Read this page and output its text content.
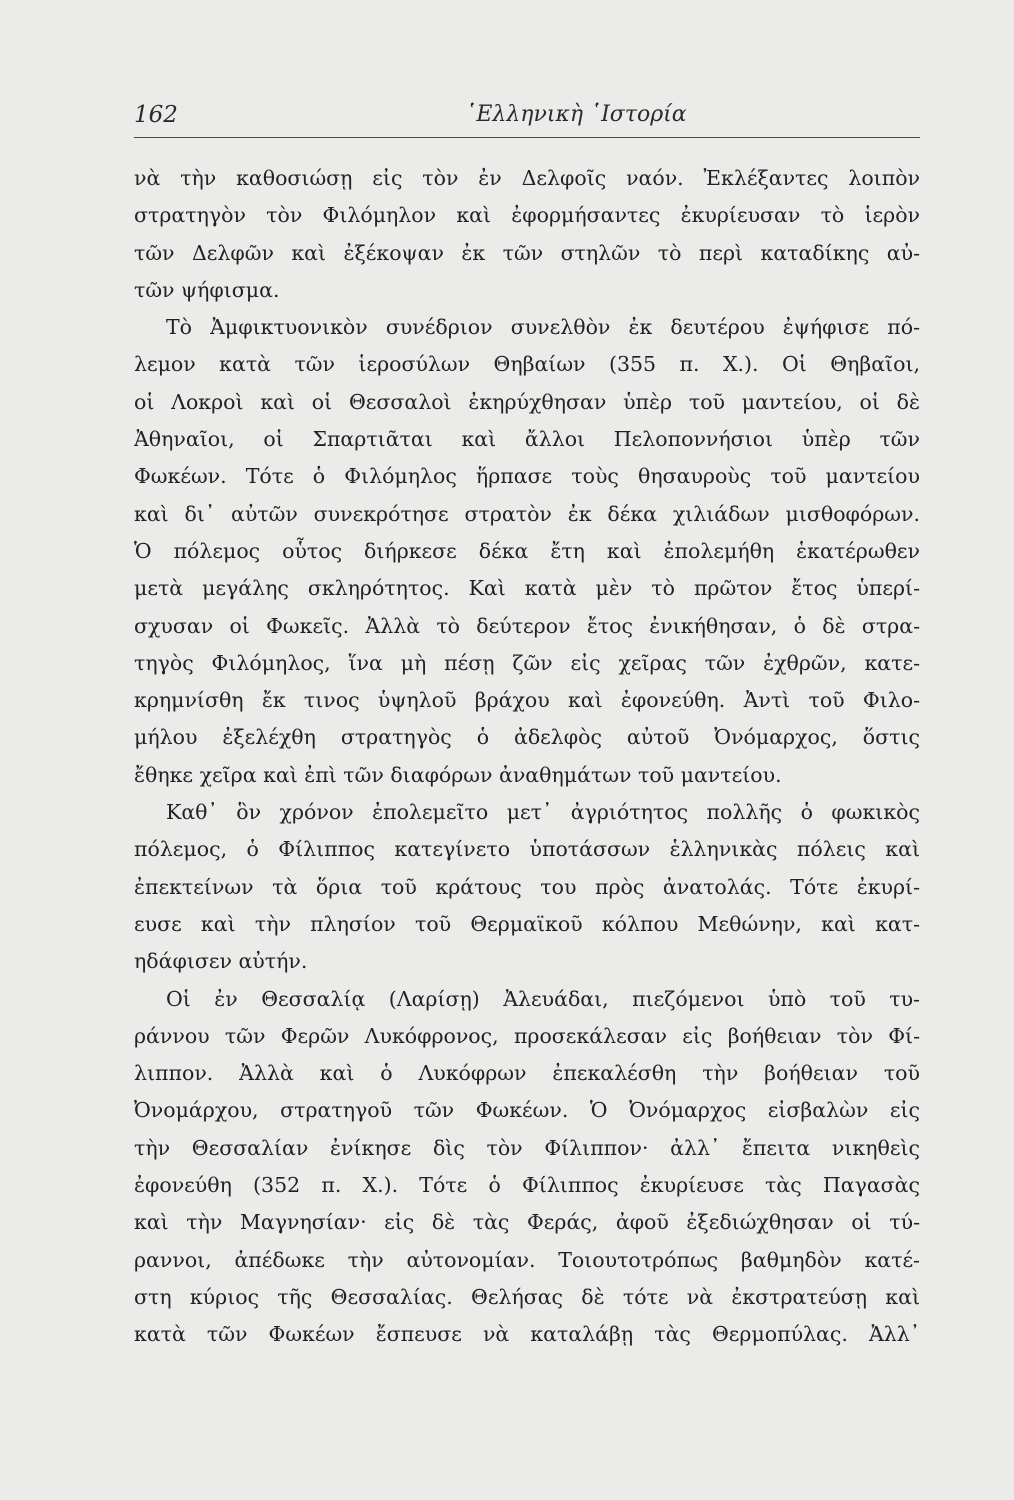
162	῾Ελληνικὴ ῾Ιστορία
νὰ τὴν καθοσιώσῃ εἰς τὸν ἐν Δελφοῖς ναόν. Ἐκλέξαντες λοιπὸν
στρατηγὸν τὸν Φιλόμηλον καὶ ἐφορμήσαντες ἐκυρίευσαν τὸ ἱερὸν
τῶν Δελφῶν καὶ ἐξέκοψαν ἐκ τῶν στηλῶν τὸ περὶ καταδίκης αὐ-
τῶν ψήφισμα.
Τὸ Ἀμφικτυονικὸν συνέδριον συνελθὸν ἐκ δευτέρου ἐψήφισε πό-
λεμον κατὰ τῶν ἱεροσύλων Θηβαίων (355 π. Χ.). Οἱ Θηβαῖοι,
οἱ Λοκροὶ καὶ οἱ Θεσσαλοὶ ἐκηρύχθησαν ὑπὲρ τοῦ μαντείου, οἱ δὲ
Ἀθηναῖοι, οἱ Σπαρτιᾶται καὶ ἄλλοι Πελοποννήσιοι ὑπὲρ τῶν
Φωκέων. Τότε ὁ Φιλόμηλος ἥρπασε τοὺς θησαυροὺς τοῦ μαντείου
καὶ δι᾽ αὐτῶν συνεκρότησε στρατὸν ἐκ δέκα χιλιάδων μισθοφόρων.
Ὁ πόλεμος οὗτος διήρκεσε δέκα ἔτη καὶ ἐπολεμήθη ἑκατέρωθεν
μετὰ μεγάλης σκληρότητος. Καὶ κατὰ μὲν τὸ πρῶτον ἔτος ὑπερί-
σχυσαν οἱ Φωκεῖς. Ἀλλὰ τὸ δεύτερον ἔτος ἐνικήθησαν, ὁ δὲ στρα-
τηγὸς Φιλόμηλος, ἵνα μὴ πέσῃ ζῶν εἰς χεῖρας τῶν ἐχθρῶν, κατε-
κρημνίσθη ἔκ τινος ὑψηλοῦ βράχου καὶ ἐφονεύθη. Ἀντὶ τοῦ Φιλο-
μήλου ἐξελέχθη στρατηγὸς ὁ ἀδελφὸς αὐτοῦ Ὀνόμαρχος, ὅστις
ἔθηκε χεῖρα καὶ ἐπὶ τῶν διαφόρων ἀναθημάτων τοῦ μαντείου.
Καθ᾽ ὃν χρόνον ἐπολεμεῖτο μετ᾽ ἀγριότητος πολλῆς ὁ φωκικὸς
πόλεμος, ὁ Φίλιππος κατεγίνετο ὑποτάσσων ἑλληνικὰς πόλεις καὶ
ἐπεκτείνων τὰ ὅρια τοῦ κράτους του πρὸς ἀνατολάς. Τότε ἐκυρί-
ευσε καὶ τὴν πλησίον τοῦ Θερμαϊκοῦ κόλπου Μεθώνην, καὶ κατ-
ηδάφισεν αὐτήν.
Οἱ ἐν Θεσσαλίᾳ (Λαρίσῃ) Ἀλευάδαι, πιεζόμενοι ὑπὸ τοῦ τυ-
ράννου τῶν Φερῶν Λυκόφρονος, προσεκάλεσαν εἰς βοήθειαν τὸν Φί-
λιππον. Ἀλλὰ καὶ ὁ Λυκόφρων ἐπεκαλέσθη τὴν βοήθειαν τοῦ
Ὀνομάρχου, στρατηγοῦ τῶν Φωκέων. Ὁ Ὀνόμαρχος εἰσβαλὼν εἰς
τὴν Θεσσαλίαν ἐνίκησε δὶς τὸν Φίλιππον· ἀλλ᾽ ἔπειτα νικηθεὶς
ἐφονεύθη (352 π. Χ.). Τότε ὁ Φίλιππος ἐκυρίευσε τὰς Παγασὰς
καὶ τὴν Μαγνησίαν· εἰς δὲ τὰς Φεράς, ἀφοῦ ἐξεδιώχθησαν οἱ τύ-
ραννοι, ἀπέδωκε τὴν αὐτονομίαν. Τοιουτοτρόπως βαθμηδὸν κατέ-
στη κύριος τῆς Θεσσαλίας. Θελήσας δὲ τότε νὰ ἐκστρατεύσῃ καὶ
κατὰ τῶν Φωκέων ἔσπευσε νὰ καταλάβῃ τὰς Θερμοπύλας. Ἀλλ᾽
